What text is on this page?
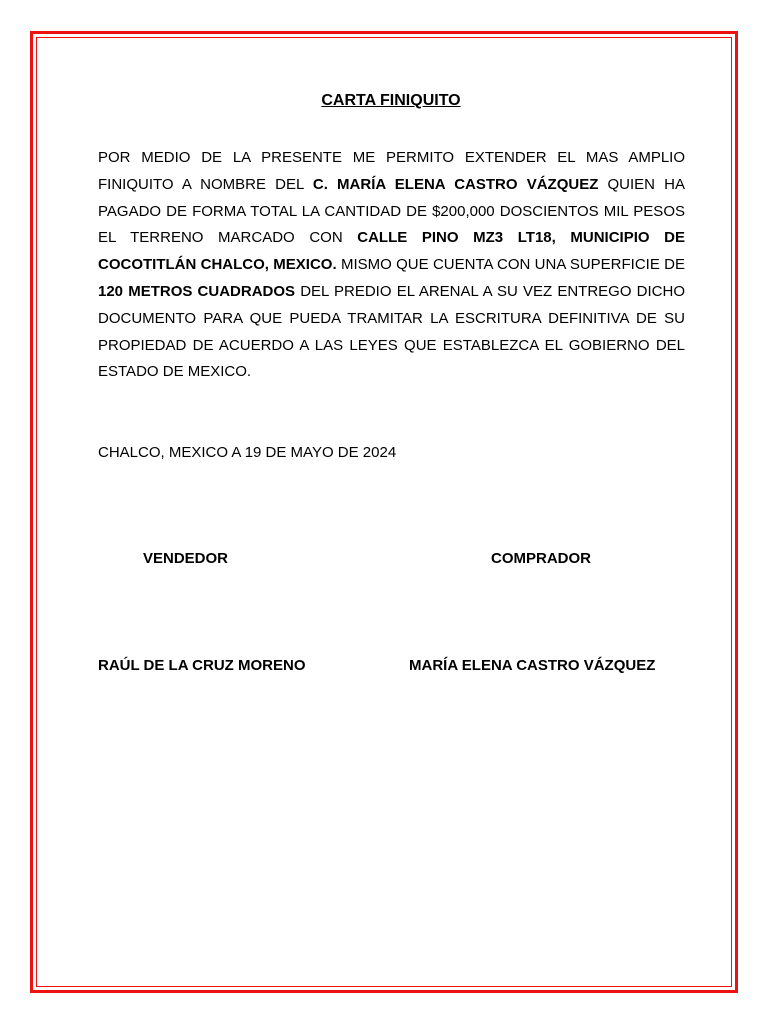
CARTA FINIQUITO
POR MEDIO DE LA PRESENTE ME PERMITO EXTENDER EL MAS AMPLIO FINIQUITO A NOMBRE DEL C. MARÍA ELENA CASTRO VÁZQUEZ QUIEN HA PAGADO DE FORMA TOTAL LA CANTIDAD DE $200,000 DOSCIENTOS MIL PESOS EL TERRENO MARCADO CON CALLE PINO MZ3 LT18, MUNICIPIO DE COCOTITLÁN CHALCO, MEXICO. MISMO QUE CUENTA CON UNA SUPERFICIE DE 120 METROS CUADRADOS DEL PREDIO EL ARENAL A SU VEZ ENTREGO DICHO DOCUMENTO PARA QUE PUEDA TRAMITAR LA ESCRITURA DEFINITIVA DE SU PROPIEDAD DE ACUERDO A LAS LEYES QUE ESTABLEZCA EL GOBIERNO DEL ESTADO DE MEXICO.
CHALCO, MEXICO A 19 DE MAYO DE 2024
VENDEDOR	COMPRADOR
RAÚL DE LA CRUZ MORENO	MARÍA ELENA CASTRO VÁZQUEZ
